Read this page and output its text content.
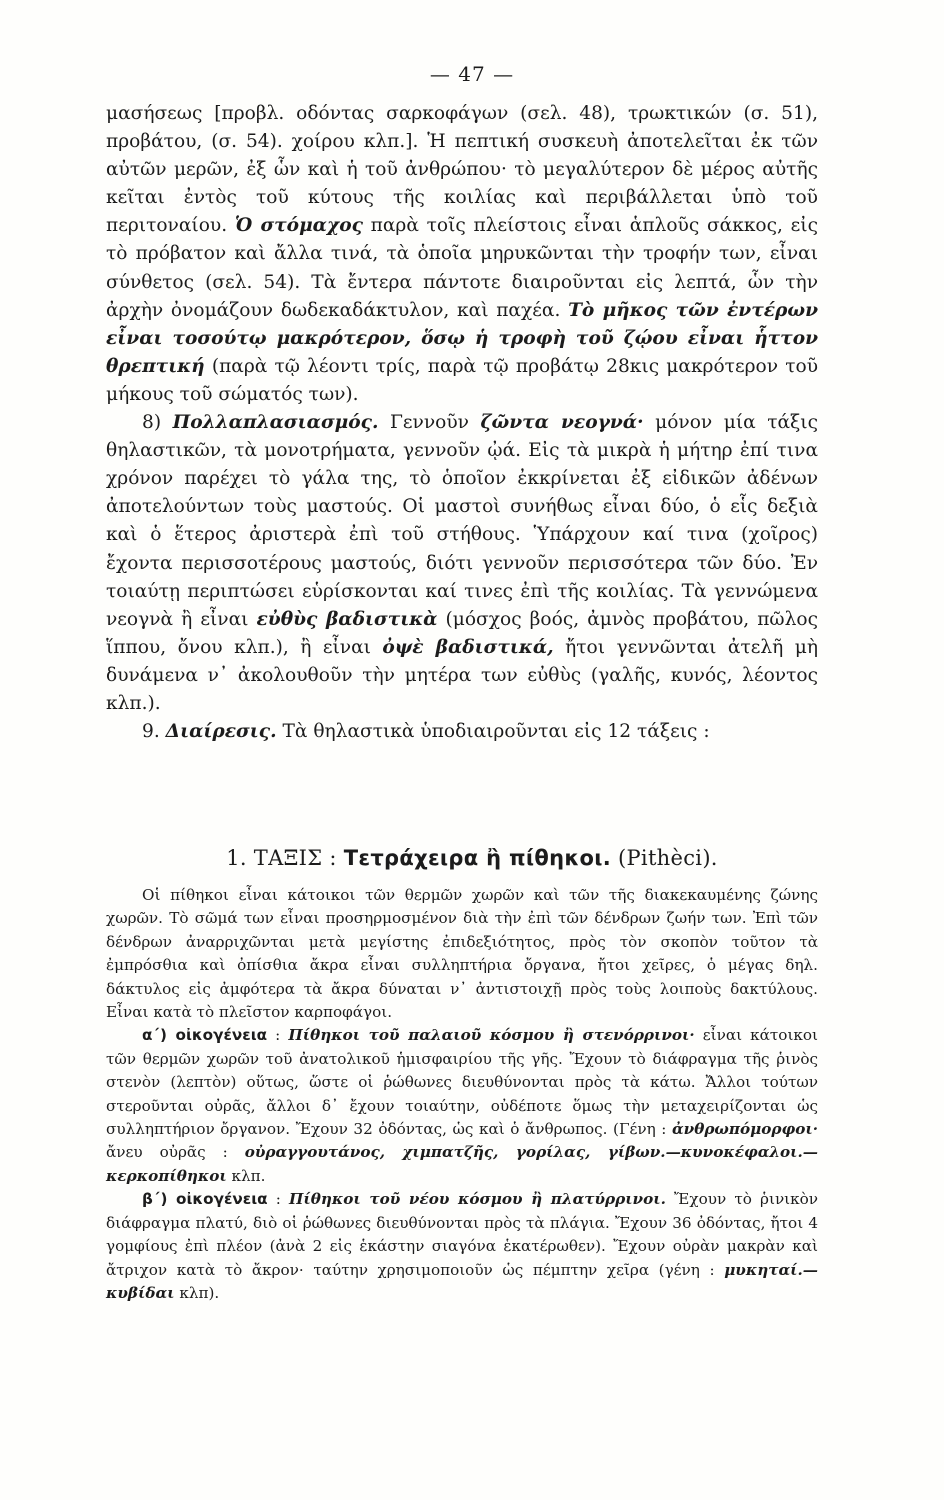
— 47 —

μασήσεως [προβλ. οδόντας σαρκοφάγων (σελ. 48), τρωκτικών (σ. 51), προβάτου, (σ. 54). χοίρου κλπ.]. Ἡ πεπτική συσκευὴ ἀποτελεῖται ἐκ τῶν αὐτῶν μερῶν, ἐξ ὧν καὶ ἡ τοῦ ἀνθρώπου· τὸ μεγαλύτερον δὲ μέρος αὐτῆς κεῖται ἐντὸς τοῦ κύτους τῆς κοιλίας καὶ περιβάλλεται ὑπὸ τοῦ περιτοναίου. Ὁ στόμαχος παρὰ τοῖς πλείστοις εἶναι ἁπλοῦς σάκκος, εἰς τὸ πρόβατον καὶ ἄλλα τινά, τὰ ὁποῖα μηρυκῶνται τὴν τροφήν των, εἶναι σύνθετος (σελ. 54). Τὰ ἔντερα πάντοτε διαιροῦνται εἰς λεπτά, ὧν τὴν ἀρχὴν ὀνομάζουν δωδεκαδάκτυλον, καὶ παχέα. Τὸ μῆκος τῶν ἐντέρων εἶναι τοσούτῳ μακρότερον, ὅσῳ ἡ τροφὴ τοῦ ζῴου εἶναι ἧττον θρεπτική (παρὰ τῷ λέοντι τρίς, παρὰ τῷ προβάτῳ 28κις μακρότερον τοῦ μήκους τοῦ σώματός των).

8) Πολλαπλασιασμός. Γεννοῦν ζῶντα νεογνά· μόνον μία τάξις θηλαστικῶν, τὰ μονοτρήματα, γεννοῦν ᾠά. Εἰς τὰ μικρὰ ἡ μήτηρ ἐπί τινα χρόνον παρέχει τὸ γάλα της, τὸ ὁποῖον ἐκκρίνεται ἐξ εἰδικῶν ἀδένων ἀποτελούντων τοὺς μαστούς. Οἱ μαστοὶ συνήθως εἶναι δύο, ὁ εἷς δεξιὰ καὶ ὁ ἕτερος ἀριστερὰ ἐπὶ τοῦ στήθους. Ὑπάρχουν καί τινα (χοῖρος) ἔχοντα περισσοτέρους μαστούς, διότι γεννοῦν περισσότερα τῶν δύο. Ἐν τοιαύτῃ περιπτώσει εὑρίσκονται καί τινες ἐπὶ τῆς κοιλίας. Τὰ γεννώμενα νεογνὰ ἢ εἶναι εὐθὺς βαδιστικὰ (μόσχος βοός, ἀμνὸς προβάτου, πῶλος ἵππου, ὄνου κλπ.), ἢ εἶναι ὀψὲ βαδιστικά, ἤτοι γεννῶνται ἀτελῆ μὴ δυνάμενα ν᾽ ἀκολουθοῦν τὴν μητέρα των εὐθὺς (γαλῆς, κυνός, λέοντος κλπ.).

9. Διαίρεσις. Τὰ θηλαστικὰ ὑποδιαιροῦνται εἰς 12 τάξεις :

1. ΤΑΞΙΣ : Τετράχειρα ἢ πίθηκοι. (Pithèci).

Οἱ πίθηκοι εἶναι κάτοικοι τῶν θερμῶν χωρῶν καὶ τῶν τῆς διακεκαυμένης ζώνης χωρῶν. Τὸ σῶμά των εἶναι προσηρμοσμένον διὰ τὴν ἐπὶ τῶν δένδρων ζωήν των. Ἐπὶ τῶν δένδρων ἀναρριχῶνται μετὰ μεγίστης ἐπιδεξιότητος, πρὸς τὸν σκοπὸν τοῦτον τὰ ἐμπρόσθια καὶ ὀπίσθια ἄκρα εἶναι συλληπτήρια ὄργανα, ἤτοι χεῖρες, ὁ μέγας δηλ. δάκτυλος εἰς ἀμφότερα τὰ ἄκρα δύναται ν᾽ ἀντιστοιχῇ πρὸς τοὺς λοιποὺς δακτύλους. Εἶναι κατὰ τὸ πλεῖστον καρποφάγοι.

α´) οἰκογένεια : Πίθηκοι τοῦ παλαιοῦ κόσμου ἢ στενόρρινοι· εἶναι κάτοικοι τῶν θερμῶν χωρῶν τοῦ ἀνατολικοῦ ἡμισφαιρίου τῆς γῆς. Ἔχουν τὸ διάφραγμα τῆς ῥινὸς στενὸν (λεπτὸν) οὕτως, ὥστε οἱ ῥώθωνες διευθύνονται πρὸς τὰ κάτω. Ἄλλοι τούτων στεροῦνται οὐρᾶς, ἄλλοι δ᾽ ἔχουν τοιαύτην, οὐδέποτε ὅμως τὴν μεταχειρίζονται ὡς συλληπτήριον ὄργανον. Ἔχουν 32 ὀδόντας, ὡς καὶ ὁ ἄνθρωπος. (Γένη : ἀνθρωπόμορφοι· ἄνευ οὐρᾶς : οὐραγγουτάνος, χιμπατζῆς, γορίλας, γίβων.—κυνοκέφαλοι.—κερκοπίθηκοι κλπ.

β´) οἰκογένεια : Πίθηκοι τοῦ νέου κόσμου ἢ πλατύρρινοι. Ἔχουν τὸ ῥινικὸν διάφραγμα πλατύ, διὸ οἱ ῥώθωνες διευθύνονται πρὸς τὰ πλάγια. Ἔχουν 36 ὀδόντας, ἤτοι 4 γομφίους ἐπὶ πλέον (ἀνὰ 2 εἰς ἑκάστην σιαγόνα ἑκατέρωθεν). Ἔχουν οὐρὰν μακρὰν καὶ ἄτριχον κατὰ τὸ ἄκρον· ταύτην χρησιμοποιοῦν ὡς πέμπτην χεῖρα (γένη : μυκηταί.—κυβίδαι κλπ).
